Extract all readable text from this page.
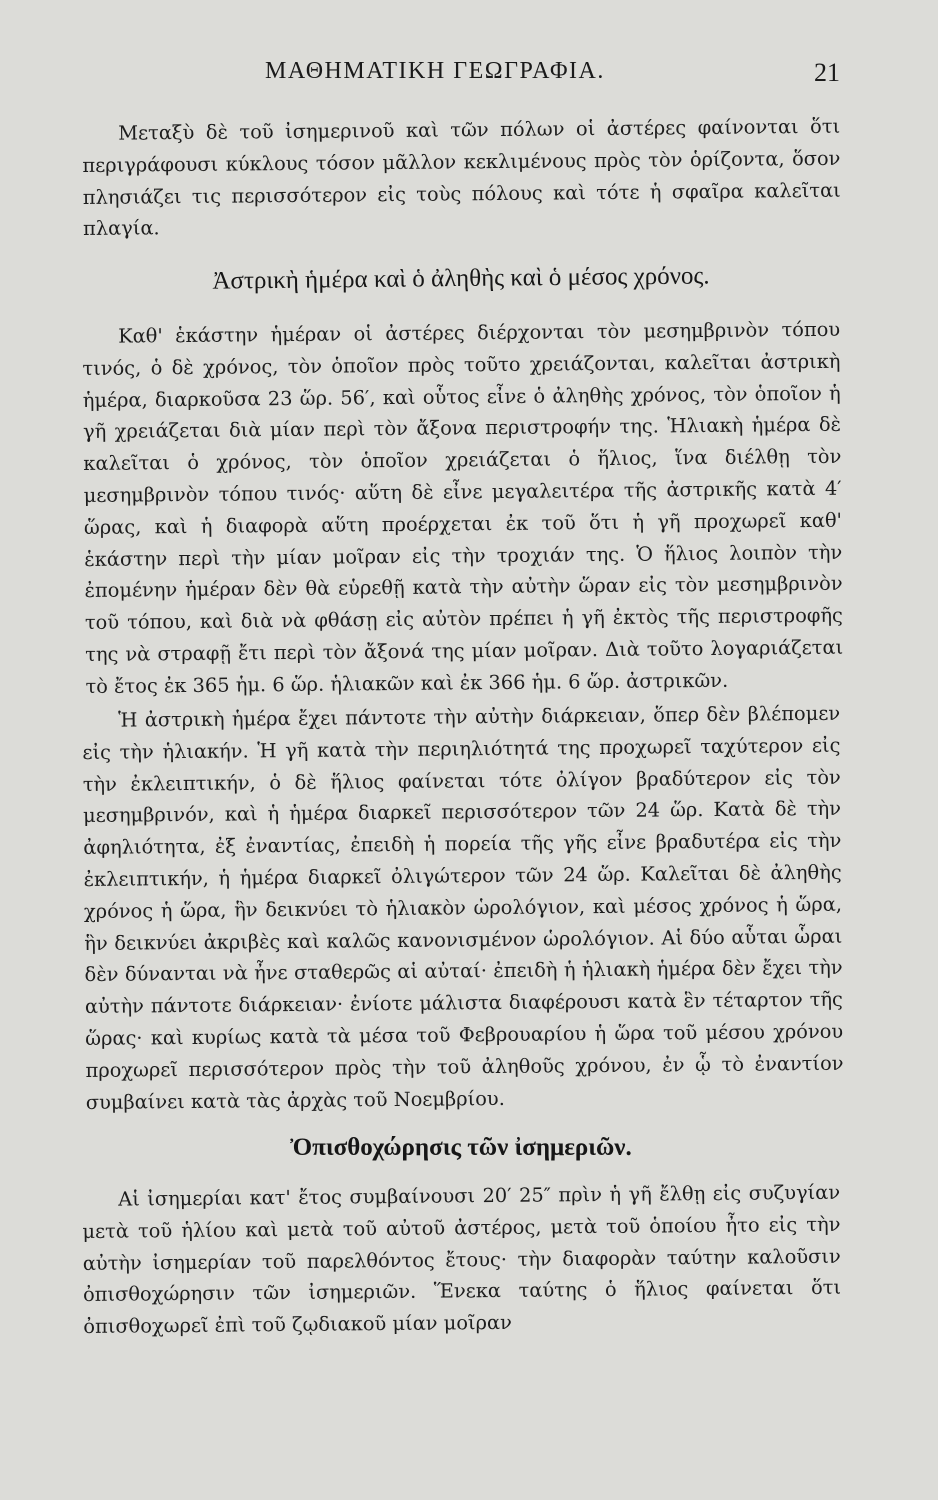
ΜΑΘΗΜΑΤΙΚΗ ΓΕΩΓΡΑΦΙΑ.	21

Μεταξὺ δὲ τοῦ ἰσημερινοῦ καὶ τῶν πόλων οἱ ἀστέρες φαίνονται ὅτι περιγράφουσι κύκλους τόσον μᾶλλον κεκλιμένους πρὸς τὸν ὁρίζοντα, ὅσον πλησιάζει τις περισσότερον εἰς τοὺς πόλους καὶ τότε ἡ σφαῖρα καλεῖται πλαγία.

Ἀστρικὴ ἡμέρα καὶ ὁ ἀληθὴς καὶ ὁ μέσος χρόνος.

Καθ' ἑκάστην ἡμέραν οἱ ἀστέρες διέρχονται τὸν μεσημβρινὸν τόπου τινός, ὁ δὲ χρόνος, τὸν ὁποῖον πρὸς τοῦτο χρειάζονται, καλεῖται ἀστρικὴ ἡμέρα, διαρκοῦσα 23 ὥρ. 56′, καὶ οὗτος εἶνε ὁ ἀληθὴς χρόνος, τὸν ὁποῖον ἡ γῆ χρειάζεται διὰ μίαν περὶ τὸν ἄξονα περιστροφήν της. Ἡλιακὴ ἡμέρα δὲ καλεῖται ὁ χρόνος, τὸν ὁποῖον χρειάζεται ὁ ἥλιος, ἵνα διέλθῃ τὸν μεσημβρινὸν τόπου τινός· αὕτη δὲ εἶνε μεγαλειτέρα τῆς ἀστρικῆς κατὰ 4′ ὥρας, καὶ ἡ διαφορὰ αὕτη προέρχεται ἐκ τοῦ ὅτι ἡ γῆ προχωρεῖ καθ' ἑκάστην περὶ τὴν μίαν μοῖραν εἰς τὴν τροχιάν της. Ὁ ἥλιος λοιπὸν τὴν ἐπομένην ἡμέραν δὲν θὰ εὑρεθῇ κατὰ τὴν αὐτὴν ὥραν εἰς τὸν μεσημβρινὸν τοῦ τόπου, καὶ διὰ νὰ φθάσῃ εἰς αὐτὸν πρέπει ἡ γῆ ἐκτὸς τῆς περιστροφῆς της νὰ στραφῇ ἔτι περὶ τὸν ἄξονά της μίαν μοῖραν. Διὰ τοῦτο λογαριάζεται τὸ ἔτος ἐκ 365 ἡμ. 6 ὥρ. ἡλιακῶν καὶ ἐκ 366 ἡμ. 6 ὥρ. ἀστρικῶν.

Ἡ ἀστρικὴ ἡμέρα ἔχει πάντοτε τὴν αὐτὴν διάρκειαν, ὅπερ δὲν βλέπομεν εἰς τὴν ἡλιακήν. Ἡ γῆ κατὰ τὴν περιηλιότητά της προχωρεῖ ταχύτερον εἰς τὴν ἐκλειπτικήν, ὁ δὲ ἥλιος φαίνεται τότε ὀλίγον βραδύτερον εἰς τὸν μεσημβρινόν, καὶ ἡ ἡμέρα διαρκεῖ περισσότερον τῶν 24 ὥρ. Κατὰ δὲ τὴν ἀφηλιότητα, ἐξ ἐναντίας, ἐπειδὴ ἡ πορεία τῆς γῆς εἶνε βραδυτέρα εἰς τὴν ἐκλειπτικήν, ἡ ἡμέρα διαρκεῖ ὀλιγώτερον τῶν 24 ὥρ. Καλεῖται δὲ ἀληθὴς χρόνος ἡ ὥρα, ἣν δεικνύει τὸ ἡλιακὸν ὡρολόγιον, καὶ μέσος χρόνος ἡ ὥρα, ἣν δεικνύει ἀκριβὲς καὶ καλῶς κανονισμένον ὡρολόγιον. Αἱ δύο αὗται ὧραι δὲν δύνανται νὰ ἦνε σταθερῶς αἱ αὐταί· ἐπειδὴ ἡ ἡλιακὴ ἡμέρα δὲν ἔχει τὴν αὐτὴν πάντοτε διάρκειαν· ἐνίοτε μάλιστα διαφέρουσι κατὰ ἓν τέταρτον τῆς ὥρας· καὶ κυρίως κατὰ τὰ μέσα τοῦ Φεβρουαρίου ἡ ὥρα τοῦ μέσου χρόνου προχωρεῖ περισσότερον πρὸς τὴν τοῦ ἀληθοῦς χρόνου, ἐν ᾧ τὸ ἐναντίον συμβαίνει κατὰ τὰς ἀρχὰς τοῦ Νοεμβρίου.

Ὀπισθοχώρησις τῶν ἰσημεριῶν.

Αἱ ἰσημερίαι κατ' ἔτος συμβαίνουσι 20′ 25″ πρὶν ἡ γῆ ἔλθῃ εἰς συζυγίαν μετὰ τοῦ ἡλίου καὶ μετὰ τοῦ αὐτοῦ ἀστέρος, μετὰ τοῦ ὁποίου ἦτο εἰς τὴν αὐτὴν ἰσημερίαν τοῦ παρελθόντος ἔτους· τὴν διαφορὰν ταύτην καλοῦσιν ὀπισθοχώρησιν τῶν ἰσημεριῶν. Ἕνεκα ταύτης ὁ ἥλιος φαίνεται ὅτι ὀπισθοχωρεῖ ἐπὶ τοῦ ζῳδιακοῦ μίαν μοῖραν
